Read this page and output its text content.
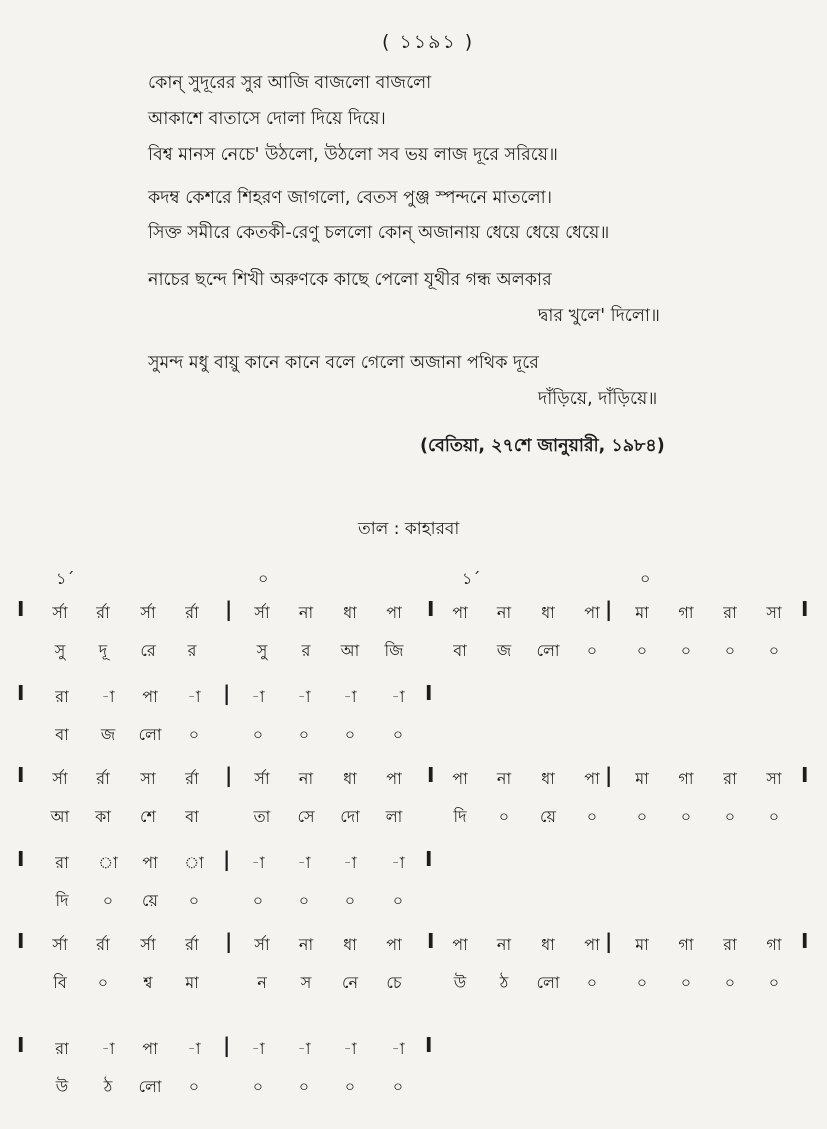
( ১১৯১ )
কোন্ সুদূরের সুর আজি বাজলো বাজলো
আকাশে বাতাসে দোলা দিয়ে দিয়ে।
বিশ্ব মানস নেচে' উঠলো, উঠলো সব ভয় লাজ দূরে সরিয়ে॥
কদম্ব কেশরে শিহরণ জাগলো, বেতস পুঞ্জ স্পন্দনে মাতলো।
সিক্ত সমীরে কেতকী-রেণু চললো কোন্ অজানায় ধেয়ে ধেয়ে ধেয়ে॥
নাচের ছন্দে শিখী অরুণকে কাছে পেলো যূথীর গন্ধ অলকার
দ্বার খুলে' দিলো॥
সুমন্দ মধু বায়ু কানে কানে বলে গেলো অজানা পথিক দূরে
দাঁড়িয়ে, দাঁড়িয়ে॥
(বেতিয়া, ২৭শে জানুয়ারী, ১৯৮৪)
তাল : কাহারবা
১´	০	১´	০
I	|	I	|	I
র্সা	র্রা	র্সা	র্রা	র্সা	না	ধা	পা	পা	না	ধা	পা	মা	গা	রা	সা
সু	দূ	রে	র	সু	র	আ	জি	বা	জ	লো	০	০	০	০	০
I	|	I
রা	-া	পা	-া	-া	-া	-া	-া
বা	জ	লো	০	০	০	০	০
I	|	I	|	I
র্সা	র্রা	সা	র্রা	র্সা	না	ধা	পা	পা	না	ধা	পা	মা	গা	রা	সা
আ	কা	শে	বা	তা	সে	দো	লা	দি	০	য়ে	০	০	০	০	০
I	|	I
রা	া	পা	া	-া	-া	-া	-া
দি	০	য়ে	০	০	০	০	০
I	|	I	|	I
র্সা	র্রা	র্সা	র্রা	র্সা	না	ধা	পা	পা	না	ধা	পা	মা	গা	রা	গা
বি	০	শ্ব	মা	ন	স	নে	চে	উ	ঠ	লো	০	০	০	০	০
I	|	I
রা	-া	পা	-া	-া	-া	-া	-া
উ	ঠ	লো	০	০	০	০	০
